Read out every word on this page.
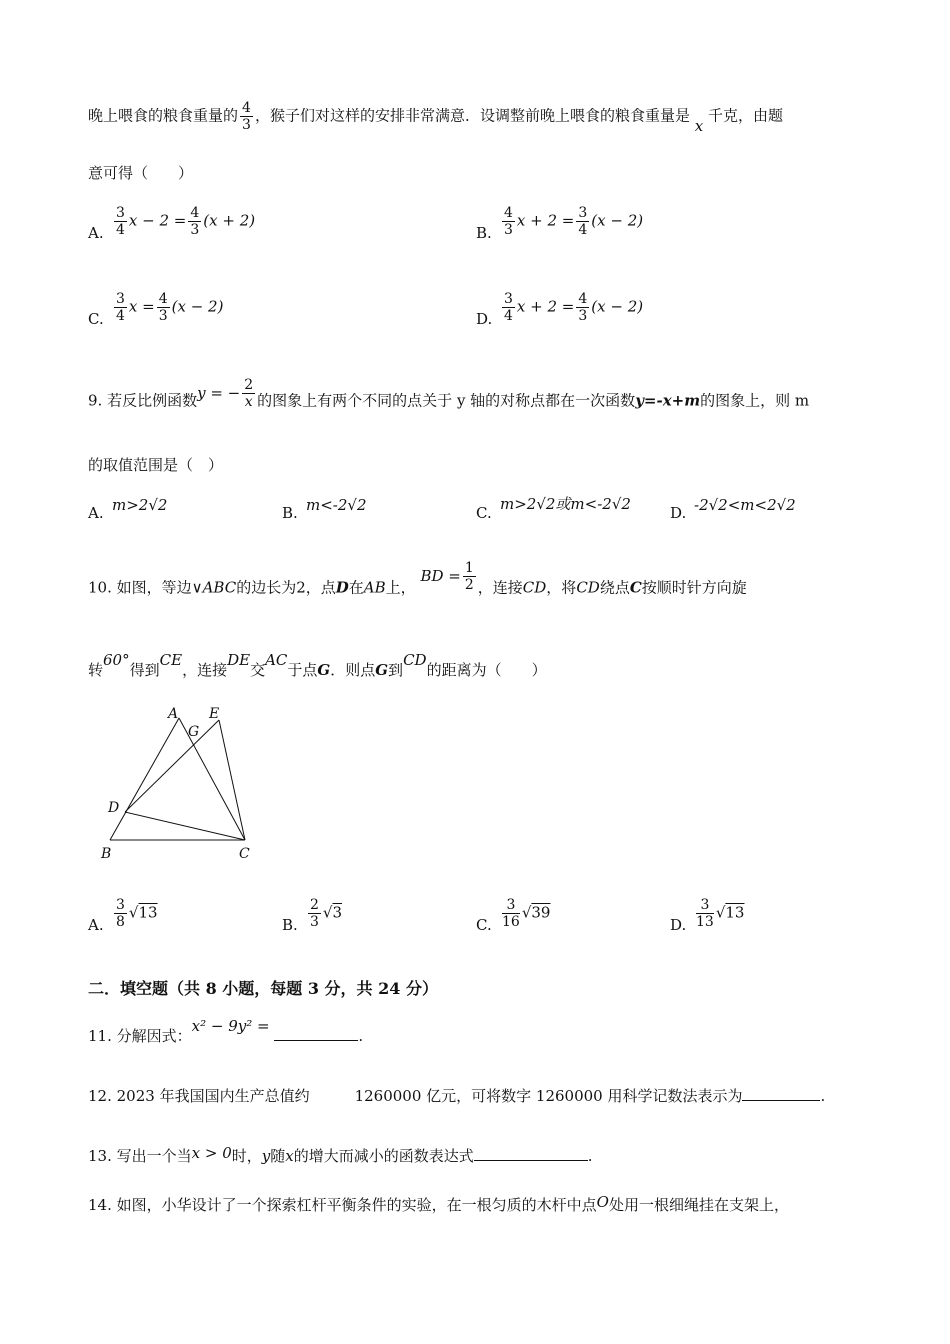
晚上喂食的粮食重量的 $\frac{4}{3}$ ，猴子们对这样的安排非常满意．设调整前晚上喂食的粮食重量是 x 千克，由题
意可得（　　）
A. $\frac{3}{4}$ $x - 2 = \frac{4}{3} (x + 2)$
B. $\frac{4}{3}$ $x + 2 = \frac{3}{4} (x - 2)$
C. $\frac{3}{4}$ $x = \frac{4}{3} (x - 2)$
D. $\frac{3}{4}$ $x + 2 = \frac{4}{3} (x - 2)$
9. 若反比例函数y = − $\frac{2}{x}$ 的图象上有两个不同的点关于 y 轴的对称点都在一次函数y=-x+m的图象上，则 m
的取值范围是（　）
A. m>2√2	B. m<-2√2	C. m>2√2或m<-2√2	D. -2√2<m<2√2
10. 如图，等边∨ABC的边长为2，点D在AB上， BD = $\frac{1}{2}$ ，连接CD，将CD绕点C按顺时针方向旋
转60°得到CE，连接DE交AC于点G．则点G到CD的距离为（　　）
A E
G
D
B	C
A. $\frac{3}{8} √13$
B. $\frac{2}{3} √3$
C. $\frac{3}{16} √39$
D. $\frac{3}{13} √13$
二．填空题（共 8 小题，每题 3 分，共 24 分）
11. 分解因式：x² − 9y² = .
12. 2023 年我国国内生产总值约　　　1260000 亿元，可将数字 1260000 用科学记数法表示为	.
13. 写出一个当x > 0时，y随x的增大而减小的函数表达式	.
14. 如图，小华设计了一个探索杠杆平衡条件的实验，在一根匀质的木杆中点O处用一根细绳挂在支架上，
